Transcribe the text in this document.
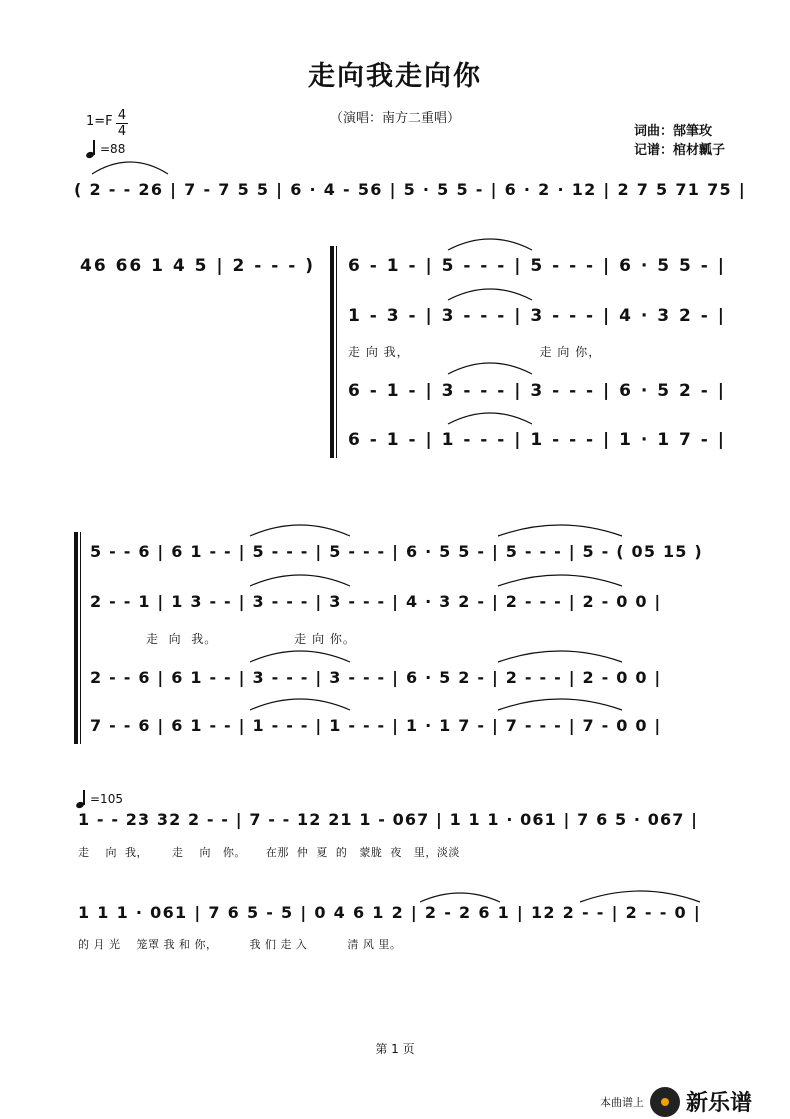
走向我走向你
（演唱：南方二重唱）
1=F 4
4
=88
词曲：郜筆玫
记谱：棺材瓤子
( 2 - - 26 | 7 - 7 5 5 | 6 · 4 - 56 | 5 · 5 5 - | 6 · 2 · 12 | 2 7 5 71 75 |
46 66 1 4 5 | 2 - - - ) 6 - 1 - | 5 - - - | 5 - - - | 6 · 5 5 - |
1 - 3 - | 3 - - - | 3 - - - | 4 · 3 2 - |
走 向 我，                           走 向 你，
6 - 1 - | 3 - - - | 3 - - - | 6 · 5 2 - |
6 - 1 - | 1 - - - | 1 - - - | 1 · 1 7 - |
5 - - 6 | 6 1 - - | 5 - - - | 5 - - - | 6 · 5 5 - | 5 - - - | 5 - ( 05 15 )
2 - - 1 | 1 3 - - | 3 - - - | 3 - - - | 4 · 3 2 - | 2 - - - | 2 - 0 0 |
走  向  我。                走 向 你。
2 - - 6 | 6 1 - - | 3 - - - | 3 - - - | 6 · 5 2 - | 2 - - - | 2 - 0 0 |
7 - - 6 | 6 1 - - | 1 - - - | 1 - - - | 1 · 1 7 - | 7 - - - | 7 - 0 0 |
=105
1 - - 23 32 2 - - | 7 - - 12 21 1 - 067 | 1 1 1 · 061 | 7 6 5 · 067 |
走    向  我，      走    向   你。     在那  仲  夏  的   蒙胧  夜   里，淡淡
1 1 1 · 061 | 7 6 5 - 5 | 0 4 6 1 2 | 2 - 2 6 1 | 12 2 - - | 2 - - 0 |
的 月 光    笼罩 我 和 你，        我 们 走 入          清 风 里。
第 1 页
本曲谱上 新乐谱
